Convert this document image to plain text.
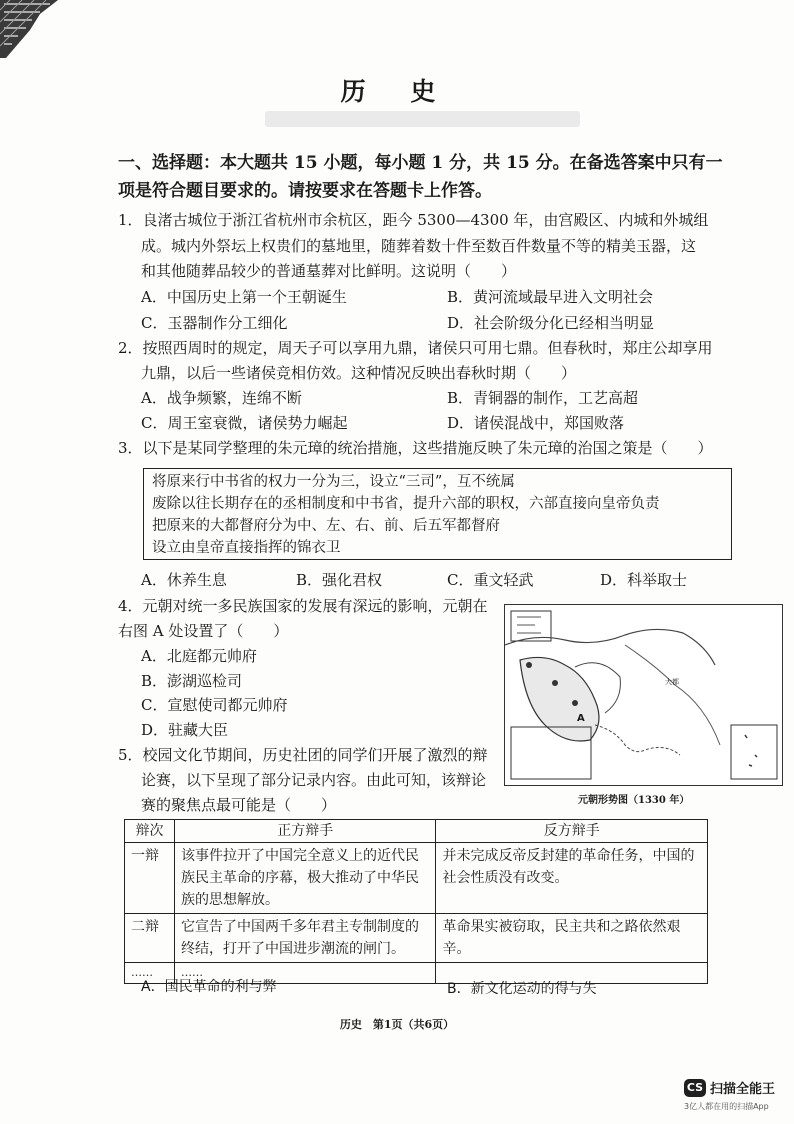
历 史
一、选择题：本大题共 15 小题，每小题 1 分，共 15 分。在备选答案中只有一
项是符合题目要求的。请按要求在答题卡上作答。
1．良渚古城位于浙江省杭州市余杭区，距今 5300—4300 年，由宫殿区、内城和外城组
成。城内外祭坛上权贵们的墓地里，随葬着数十件至数百件数量不等的精美玉器，这
和其他随葬品较少的普通墓葬对比鲜明。这说明（　　）
A．中国历史上第一个王朝诞生	B．黄河流域最早进入文明社会
C．玉器制作分工细化	D．社会阶级分化已经相当明显
2．按照西周时的规定，周天子可以享用九鼎，诸侯只可用七鼎。但春秋时，郑庄公却享用
九鼎，以后一些诸侯竞相仿效。这种情况反映出春秋时期（　　）
A．战争频繁，连绵不断	B．青铜器的制作，工艺高超
C．周王室衰微，诸侯势力崛起	D．诸侯混战中，郑国败落
3．以下是某同学整理的朱元璋的统治措施，这些措施反映了朱元璋的治国之策是（　　）
将原来行中书省的权力一分为三，设立“三司”，互不统属
废除以往长期存在的丞相制度和中书省，提升六部的职权，六部直接向皇帝负责
把原来的大都督府分为中、左、右、前、后五军都督府
设立由皇帝直接指挥的锦衣卫
A．休养生息	B．强化君权	C．重文轻武	D．科举取士
4．元朝对统一多民族国家的发展有深远的影响，元朝在
右图 A 处设置了（　　）
A．北庭都元帅府
B．澎湖巡检司
C．宣慰使司都元帅府
D．驻藏大臣
A
大都
元朝形势图（1330 年）
5．校园文化节期间，历史社团的同学们开展了激烈的辩
论赛，以下呈现了部分记录内容。由此可知，该辩论
赛的聚焦点最可能是（　　）
辩次	正方辩手	反方辩手
一辩	该事件拉开了中国完全意义上的近代民族民主革命的序幕，极大推动了中华民族的思想解放。	并未完成反帝反封建的革命任务，中国的社会性质没有改变。
二辩	它宣告了中国两千多年君主专制制度的终结，打开了中国进步潮流的闸门。	革命果实被窃取，民主共和之路依然艰辛。
……	……	
A．国民革命的利与弊	B．新文化运动的得与失
历史　第1页（共6页）
CS 扫描全能王
3亿人都在用的扫描App
